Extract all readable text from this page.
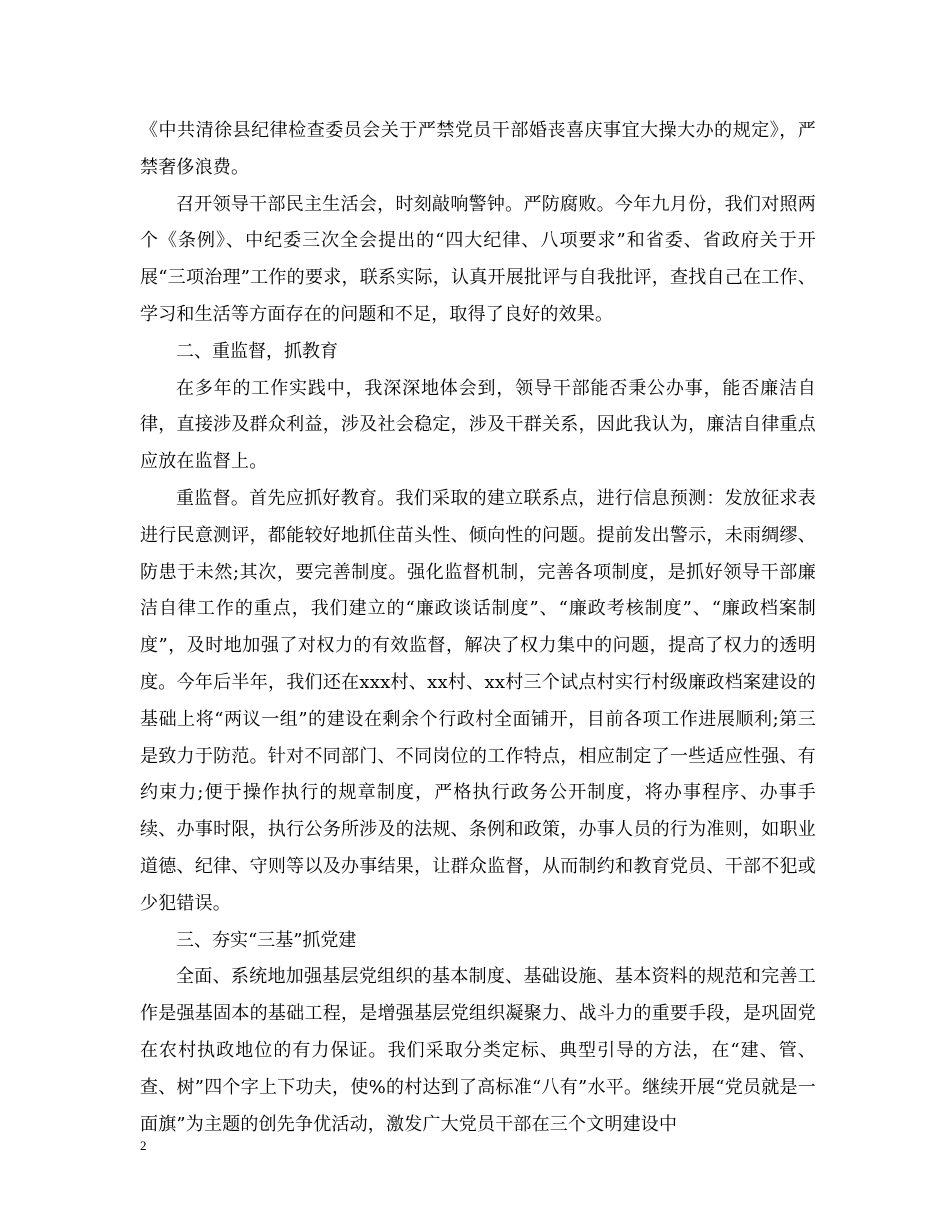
《中共清徐县纪律检查委员会关于严禁党员干部婚丧喜庆事宜大操大办的规定》，严禁奢侈浪费。

召开领导干部民主生活会，时刻敲响警钟。严防腐败。今年九月份，我们对照两个《条例》、中纪委三次全会提出的“四大纪律、八项要求”和省委、省政府关于开展“三项治理”工作的要求，联系实际，认真开展批评与自我批评，查找自己在工作、学习和生活等方面存在的问题和不足，取得了良好的效果。

二、重监督，抓教育

在多年的工作实践中，我深深地体会到，领导干部能否秉公办事，能否廉洁自律，直接涉及群众利益，涉及社会稳定，涉及干群关系，因此我认为，廉洁自律重点应放在监督上。

重监督。首先应抓好教育。我们采取的建立联系点，进行信息预测：发放征求表进行民意测评，都能较好地抓住苗头性、倾向性的问题。提前发出警示，未雨绸缪、防患于未然;其次，要完善制度。强化监督机制，完善各项制度，是抓好领导干部廉洁自律工作的重点，我们建立的“廉政谈话制度”、“廉政考核制度”、“廉政档案制度”，及时地加强了对权力的有效监督，解决了权力集中的问题，提高了权力的透明度。今年后半年，我们还在xxx村、xx村、xx村三个试点村实行村级廉政档案建设的基础上将“两议一组”的建设在剩余个行政村全面铺开，目前各项工作进展顺利;第三是致力于防范。针对不同部门、不同岗位的工作特点，相应制定了一些适应性强、有约束力;便于操作执行的规章制度，严格执行政务公开制度，将办事程序、办事手续、办事时限，执行公务所涉及的法规、条例和政策，办事人员的行为准则，如职业道德、纪律、守则等以及办事结果，让群众监督，从而制约和教育党员、干部不犯或少犯错误。

三、夯实“三基”抓党建

全面、系统地加强基层党组织的基本制度、基础设施、基本资料的规范和完善工作是强基固本的基础工程，是增强基层党组织凝聚力、战斗力的重要手段，是巩固党在农村执政地位的有力保证。我们采取分类定标、典型引导的方法，在“建、管、查、树”四个字上下功夫，使%的村达到了高标准“八有”水平。继续开展“党员就是一面旗”为主题的创先争优活动，激发广大党员干部在三个文明建设中

2
